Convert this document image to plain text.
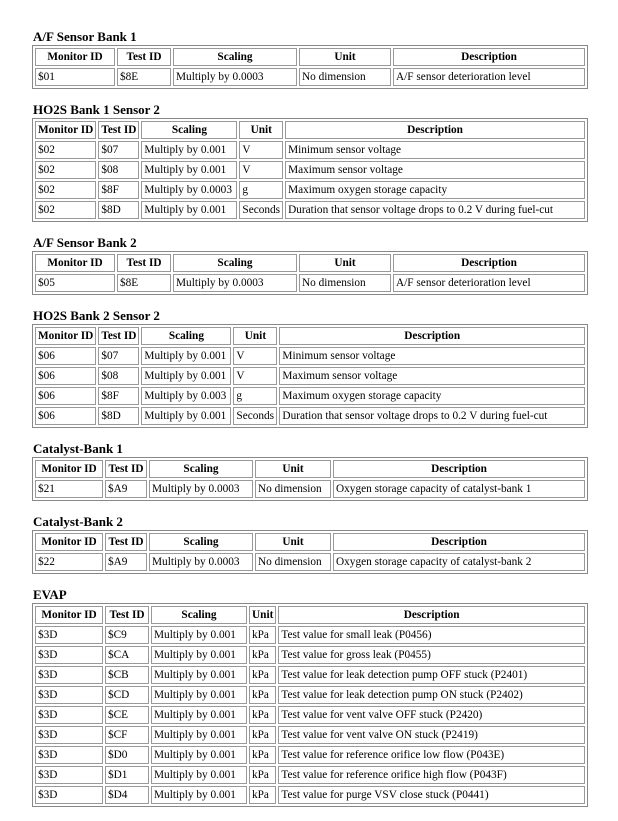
A/F Sensor Bank 1
Monitor ID	Test ID	Scaling	Unit	Description
$01	$8E	Multiply by 0.0003	No dimension	A/F sensor deterioration level
HO2S Bank 1 Sensor 2
Monitor ID	Test ID	Scaling	Unit	Description
$02	$07	Multiply by 0.001	V	Minimum sensor voltage
$02	$08	Multiply by 0.001	V	Maximum sensor voltage
$02	$8F	Multiply by 0.0003	g	Maximum oxygen storage capacity
$02	$8D	Multiply by 0.001	Seconds	Duration that sensor voltage drops to 0.2 V during fuel-cut
A/F Sensor Bank 2
Monitor ID	Test ID	Scaling	Unit	Description
$05	$8E	Multiply by 0.0003	No dimension	A/F sensor deterioration level
HO2S Bank 2 Sensor 2
Monitor ID	Test ID	Scaling	Unit	Description
$06	$07	Multiply by 0.001	V	Minimum sensor voltage
$06	$08	Multiply by 0.001	V	Maximum sensor voltage
$06	$8F	Multiply by 0.003	g	Maximum oxygen storage capacity
$06	$8D	Multiply by 0.001	Seconds	Duration that sensor voltage drops to 0.2 V during fuel-cut
Catalyst-Bank 1
Monitor ID	Test ID	Scaling	Unit	Description
$21	$A9	Multiply by 0.0003	No dimension	Oxygen storage capacity of catalyst-bank 1
Catalyst-Bank 2
Monitor ID	Test ID	Scaling	Unit	Description
$22	$A9	Multiply by 0.0003	No dimension	Oxygen storage capacity of catalyst-bank 2
EVAP
Monitor ID	Test ID	Scaling	Unit	Description
$3D	$C9	Multiply by 0.001	kPa	Test value for small leak (P0456)
$3D	$CA	Multiply by 0.001	kPa	Test value for gross leak (P0455)
$3D	$CB	Multiply by 0.001	kPa	Test value for leak detection pump OFF stuck (P2401)
$3D	$CD	Multiply by 0.001	kPa	Test value for leak detection pump ON stuck (P2402)
$3D	$CE	Multiply by 0.001	kPa	Test value for vent valve OFF stuck (P2420)
$3D	$CF	Multiply by 0.001	kPa	Test value for vent valve ON stuck (P2419)
$3D	$D0	Multiply by 0.001	kPa	Test value for reference orifice low flow (P043E)
$3D	$D1	Multiply by 0.001	kPa	Test value for reference orifice high flow (P043F)
$3D	$D4	Multiply by 0.001	kPa	Test value for purge VSV close stuck (P0441)
